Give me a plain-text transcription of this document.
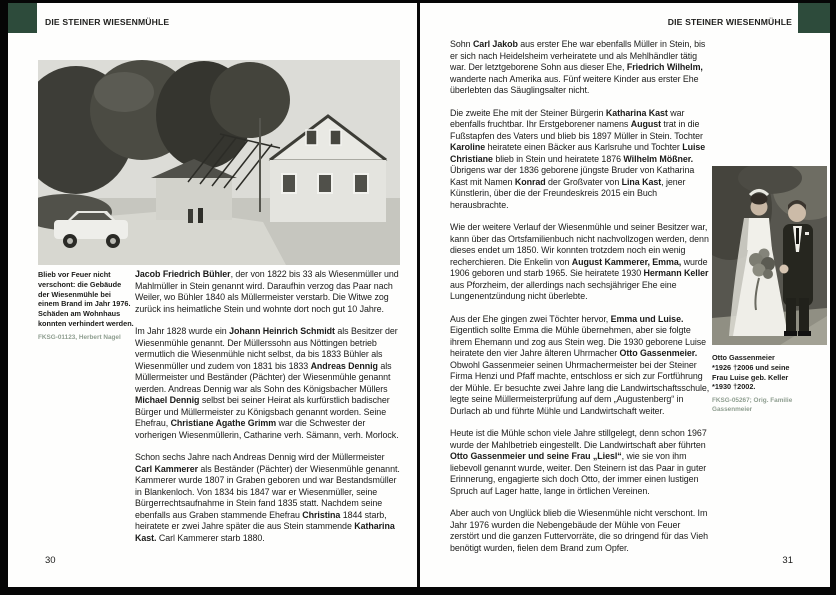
DIE STEINER WIESENMÜHLE
Blieb vor Feuer nicht verschont: die Gebäude der Wiesenmühle bei einem Brand im Jahr 1976. Schäden am Wohnhaus konnten verhindert werden.
FKSG-01123, Herbert Nagel

Jacob Friedrich Bühler, der von 1822 bis 33 als Wiesenmüller und Mahlmüller in Stein genannt wird. Daraufhin verzog das Paar nach Weiler, wo Bühler 1840 als Müllermeister verstarb. Die Witwe zog zurück ins heimatliche Stein und wohnte dort noch gut 10 Jahre.

Im Jahr 1828 wurde ein Johann Heinrich Schmidt als Besitzer der Wiesenmühle genannt. Der Müllerssohn aus Nöttingen betrieb vermutlich die Wiesenmühle nicht selbst, da bis 1833 Bühler als Wiesenmüller und zudem von 1831 bis 1833 Andreas Dennig als Müllermeister und Beständer (Pächter) der Wiesenmühle genannt werden. Andreas Dennig war als Sohn des Königsbacher Müllers Michael Dennig selbst bei seiner Heirat als kurfürstlich badischer Bürger und Müllermeister zu Königsbach genannt worden. Seine Ehefrau, Christiane Agathe Grimm war die Schwester der vorherigen Wiesenmüllerin, Catharine verh. Sämann, verh. Morlock.

Schon sechs Jahre nach Andreas Dennig wird der Müllermeister Carl Kammerer als Beständer (Pächter) der Wiesenmühle genannt. Kammerer wurde 1807 in Graben geboren und war Bestandsmüller in Blankenloch. Von 1834 bis 1847 war er Wiesenmüller, seine Bürgerrechtsaufnahme in Stein fand 1835 statt. Nachdem seine ebenfalls aus Graben stammende Ehefrau Christina 1844 starb, heiratete er zwei Jahre später die aus Stein stammende Katharina Kast. Carl Kammerer starb 1880.

30
DIE STEINER WIESENMÜHLE

Sohn Carl Jakob aus erster Ehe war ebenfalls Müller in Stein, bis er sich nach Heidelsheim verheiratete und als Mehlhändler tätig war. Der letztgeborene Sohn aus dieser Ehe, Friedrich Wilhelm, wanderte nach Amerika aus. Fünf weitere Kinder aus erster Ehe überlebten das Säuglingsalter nicht.

Die zweite Ehe mit der Steiner Bürgerin Katharina Kast war ebenfalls fruchtbar. Ihr Erstgeborener namens August trat in die Fußstapfen des Vaters und blieb bis 1897 Müller in Stein. Tochter Karoline heiratete einen Bäcker aus Karlsruhe und Tochter Luise Christiane blieb in Stein und heiratete 1876 Wilhelm Mößner. Übrigens war der 1836 geborene jüngste Bruder von Katharina Kast mit Namen Konrad der Großvater von Lina Kast, jener Künstlerin, über die der Freundeskreis 2015 ein Buch herausbrachte.

Wie der weitere Verlauf der Wiesenmühle und seiner Besitzer war, kann über das Ortsfamilienbuch nicht nachvollzogen werden, denn dieses endet um 1850. Wir konnten trotzdem noch ein wenig recherchieren. Die Enkelin von August Kammerer, Emma, wurde 1906 geboren und starb 1965. Sie heiratete 1930 Hermann Keller aus Pforzheim, der allerdings nach sechsjähriger Ehe eine Lungenentzündung nicht überlebte.

Aus der Ehe gingen zwei Töchter hervor, Emma und Luise. Eigentlich sollte Emma die Mühle übernehmen, aber sie folgte ihrem Ehemann und zog aus Stein weg. Die 1930 geborene Luise heiratete den vier Jahre älteren Uhrmacher Otto Gassenmeier. Obwohl Gassenmeier seinen Uhrmachermeister bei der Steiner Firma Henzi und Pfaff machte, entschloss er sich zur Fortführung der Mühle. Er besuchte zwei Jahre lang die Landwirtschaftsschule, legte seine Müllermeisterprüfung auf dem „Augustenberg“ in Durlach ab und führte Mühle und Landwirtschaft weiter.

Heute ist die Mühle schon viele Jahre stillgelegt, denn schon 1967 wurde der Mahlbetrieb eingestellt. Die Landwirtschaft aber führten Otto Gassenmeier und seine Frau „Liesl“, wie sie von ihm liebevoll genannt wurde, weiter. Den Steinern ist das Paar in guter Erinnerung, engagierte sich doch Otto, der immer einen lustigen Spruch auf Lager hatte, lange in örtlichen Vereinen.

Aber auch von Unglück blieb die Wiesenmühle nicht verschont. Im Jahr 1976 wurden die Nebengebäude der Mühle von Feuer zerstört und die ganzen Futtervorräte, die so dringend für das Vieh benötigt wurden, fielen dem Brand zum Opfer.

Otto Gassenmeier
*1926 †2006 und seine
Frau Luise geb. Keller
*1930 †2002.
FKSG-05267; Orig. Familie
Gassenmeier
31
